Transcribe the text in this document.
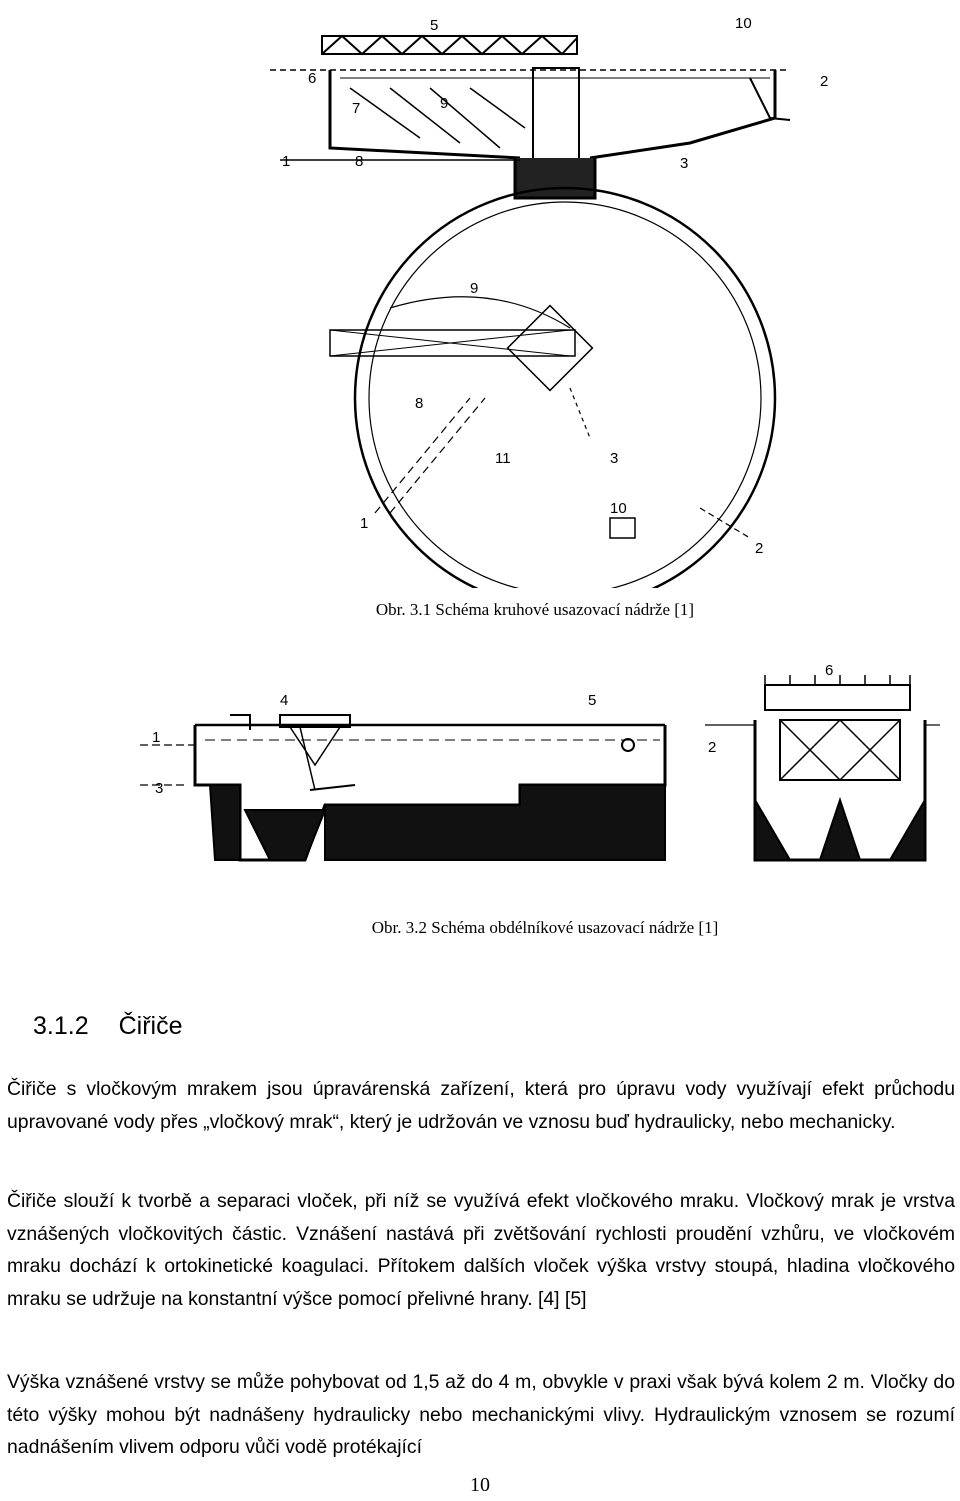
5	10
6
7	9
2
1	8	3
9
8
11	3
1
10
2
Obr. 3.1 Schéma kruhové usazovací nádrže [1]
4	5
6
1
2
3
Obr. 3.2 Schéma obdélníkové usazovací nádrže [1]
3.1.2 Čiřiče
Čiřiče s vločkovým mrakem jsou úpravárenská zařízení, která pro úpravu vody využívají efekt průchodu upravované vody přes „vločkový mrak“, který je udržován ve vznosu buď hydraulicky, nebo mechanicky.
Čiřiče slouží k tvorbě a separaci vloček, při níž se využívá efekt vločkového mraku. Vločkový mrak je vrstva vznášených vločkovitých částic. Vznášení nastává při zvětšování rychlosti proudění vzhůru, ve vločkovém mraku dochází k ortokinetické koagulaci. Přítokem dalších vloček výška vrstvy stoupá, hladina vločkového mraku se udržuje na konstantní výšce pomocí přelivné hrany. [4] [5]
Výška vznášené vrstvy se může pohybovat od 1,5 až do 4 m, obvykle v praxi však bývá kolem 2 m. Vločky do této výšky mohou být nadnášeny hydraulicky nebo mechanickými vlivy. Hydraulickým vznosem se rozumí nadnášením vlivem odporu vůči vodě protékající
10
